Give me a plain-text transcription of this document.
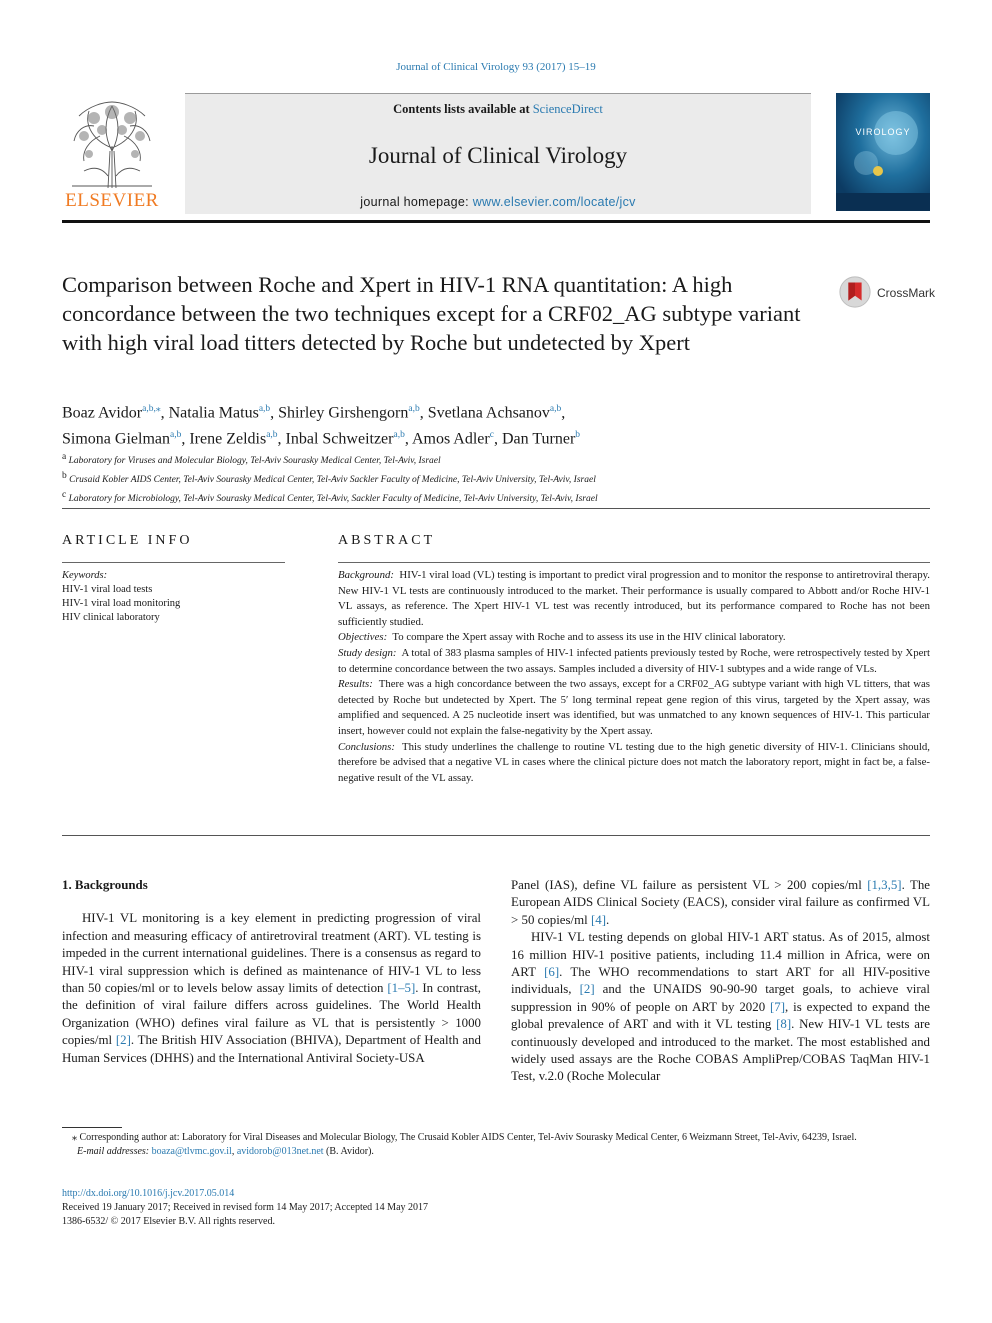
Journal of Clinical Virology 93 (2017) 15–19
ELSEVIER
Contents lists available at ScienceDirect
Journal of Clinical Virology
journal homepage: www.elsevier.com/locate/jcv
VIROLOGY
Comparison between Roche and Xpert in HIV-1 RNA quantitation: A high concordance between the two techniques except for a CRF02_AG subtype variant with high viral load titters detected by Roche but undetected by Xpert
CrossMark
Boaz Avidor$^{a,b,⁎}$, Natalia Matus$^{a,b}$, Shirley Girshengorn$^{a,b}$, Svetlana Achsanov$^{a,b}$,
Simona Gielman$^{a,b}$, Irene Zeldis$^{a,b}$, Inbal Schweitzer$^{a,b}$, Amos Adler$^c$, Dan Turner$^b$
$^a$ Laboratory for Viruses and Molecular Biology, Tel-Aviv Sourasky Medical Center, Tel-Aviv, Israel
$^b$ Crusaid Kobler AIDS Center, Tel-Aviv Sourasky Medical Center, Tel-Aviv Sackler Faculty of Medicine, Tel-Aviv University, Tel-Aviv, Israel
$^c$ Laboratory for Microbiology, Tel-Aviv Sourasky Medical Center, Tel-Aviv, Sackler Faculty of Medicine, Tel-Aviv University, Tel-Aviv, Israel
ARTICLE INFO	ABSTRACT
Keywords:
HIV-1 viral load tests
HIV-1 viral load monitoring
HIV clinical laboratory

Background: HIV-1 viral load (VL) testing is important to predict viral progression and to monitor the response to antiretroviral therapy. New HIV-1 VL tests are continuously introduced to the market. Their performance is usually compared to Abbott and/or Roche HIV-1 VL assays, as reference. The Xpert HIV-1 VL test was recently introduced, but its performance compared to Roche has not been sufficiently studied.

Objectives: To compare the Xpert assay with Roche and to assess its use in the HIV clinical laboratory.

Study design: A total of 383 plasma samples of HIV-1 infected patients previously tested by Roche, were retrospectively tested by Xpert to determine concordance between the two assays. Samples included a diversity of HIV-1 subtypes and a wide range of VLs.

Results: There was a high concordance between the two assays, except for a CRF02_AG subtype variant with high VL titters, that was detected by Roche but undetected by Xpert. The 5′ long terminal repeat gene region of this virus, targeted by the Xpert assay, was amplified and sequenced. A 25 nucleotide insert was identified, but was unmatched to any known sequences of HIV-1. This particular insert, however could not explain the false-negativity by the Xpert assay.

Conclusions: This study underlines the challenge to routine VL testing due to the high genetic diversity of HIV-1. Clinicians should, therefore be advised that a negative VL in cases where the clinical picture does not match the laboratory report, might in fact be, a false-negative result of the VL assay.

1. Backgrounds

HIV-1 VL monitoring is a key element in predicting progression of viral infection and measuring efficacy of antiretroviral treatment (ART). VL testing is impeded in the current international guidelines. There is a consensus as regard to HIV-1 viral suppression which is defined as maintenance of HIV-1 VL to less than 50 copies/ml or to levels below assay limits of detection [1–5]. In contrast, the definition of viral failure differs across guidelines. The World Health Organization (WHO) defines viral failure as VL that is persistently > 1000 copies/ml [2]. The British HIV Association (BHIVA), Department of Health and Human Services (DHHS) and the International Antiviral Society-USA

Panel (IAS), define VL failure as persistent VL > 200 copies/ml [1,3,5]. The European AIDS Clinical Society (EACS), consider viral failure as confirmed VL > 50 copies/ml [4].

HIV-1 VL testing depends on global HIV-1 ART status. As of 2015, almost 16 million HIV-1 positive patients, including 11.4 million in Africa, were on ART [6]. The WHO recommendations to start ART for all HIV-positive individuals, [2] and the UNAIDS 90-90-90 target goals, to achieve viral suppression in 90% of people on ART by 2020 [7], is expected to expand the global prevalence of ART and with it VL testing [8]. New HIV-1 VL tests are continuously developed and introduced to the market. The most established and widely used assays are the Roche COBAS AmpliPrep/COBAS TaqMan HIV-1 Test, v.2.0 (Roche Molecular

⁎ Corresponding author at: Laboratory for Viral Diseases and Molecular Biology, The Crusaid Kobler AIDS Center, Tel-Aviv Sourasky Medical Center, 6 Weizmann Street, Tel-Aviv, 64239, Israel.

E-mail addresses: boaza@tlvmc.gov.il, avidorob@013net.net (B. Avidor).

http://dx.doi.org/10.1016/j.jcv.2017.05.014

Received 19 January 2017; Received in revised form 14 May 2017; Accepted 14 May 2017

1386-6532/ © 2017 Elsevier B.V. All rights reserved.
